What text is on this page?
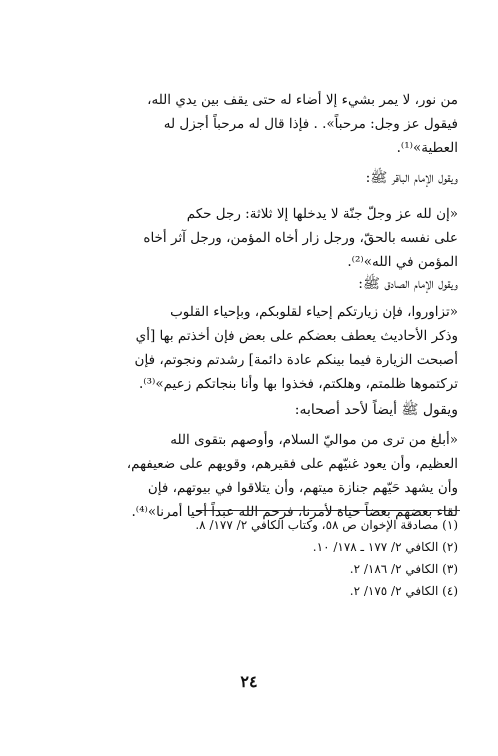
من نور، لا يمر بشيء إلا أضاء له حتى يقف بين يدي الله،
فيقول عز وجل: مرحباً». . فإذا قال له مرحباً أجزل له
العطية»⁽¹⁾.
ويقول الإمام الباقر ﷺ:
«إن لله عز وجلّ جنّة لا يدخلها إلا ثلاثة: رجل حكم
على نفسه بالحقّ، ورجل زار أخاه المؤمن، ورجل آثر أخاه
المؤمن في الله»⁽²⁾.
ويقول الإمام الصادق ﷺ:
«تزاوروا، فإن زيارتكم إحياء لقلوبكم، وبإحياء القلوب
وذكر الأحاديث يعطف بعضكم على بعض فإن أخذتم بها [أي
أصبحت الزيارة فيما بينكم عادة دائمة] رشدتم ونجوتم، فإن
تركتموها ظلمتم، وهلكتم، فخذوا بها وأنا بنجاتكم زعيم»⁽³⁾.
ويقول ﷺ أيضاً لأحد أصحابه:
«أبلغ من ترى من مواليّ السلام، وأوصهم بتقوى الله
العظيم، وأن يعود غنيّهم على فقيرهم، وقويهم على ضعيفهم،
وأن يشهد حَيّهم جنازة ميتهم، وأن يتلاقوا في بيوتهم، فإن
لقاء بعضهم بعضاً حياة لأمرنا، فرحم الله عبداً أحيا أمرنا»⁽⁴⁾.
(١) مصادقة الإخوان ص ٥٨، وكتاب الكافي ٢/ ١٧٧/ ٨.
(٢) الكافي ٢/ ١٧٧ ـ ١٧٨/ ١٠.
(٣) الكافي ٢/ ١٨٦/ ٢.
(٤) الكافي ٢/ ١٧٥/ ٢.
٢٤
